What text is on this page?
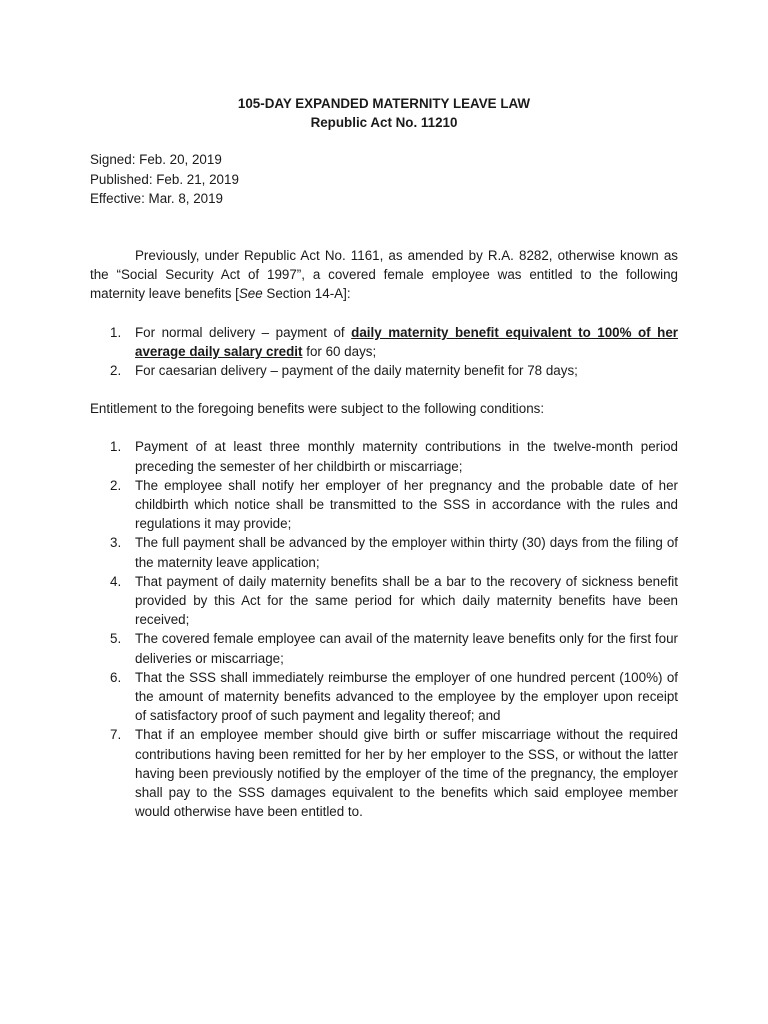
105-DAY EXPANDED MATERNITY LEAVE LAW

Republic Act No. 11210

Signed: Feb. 20, 2019
Published: Feb. 21, 2019
Effective: Mar. 8, 2019

Previously, under Republic Act No. 1161, as amended by R.A. 8282, otherwise known as the “Social Security Act of 1997”, a covered female employee was entitled to the following maternity leave benefits [See Section 14-A]:

1. For normal delivery – payment of daily maternity benefit equivalent to 100% of her average daily salary credit for 60 days;
2. For caesarian delivery – payment of the daily maternity benefit for 78 days;

Entitlement to the foregoing benefits were subject to the following conditions:

1. Payment of at least three monthly maternity contributions in the twelve-month period preceding the semester of her childbirth or miscarriage;
2. The employee shall notify her employer of her pregnancy and the probable date of her childbirth which notice shall be transmitted to the SSS in accordance with the rules and regulations it may provide;
3. The full payment shall be advanced by the employer within thirty (30) days from the filing of the maternity leave application;
4. That payment of daily maternity benefits shall be a bar to the recovery of sickness benefit provided by this Act for the same period for which daily maternity benefits have been received;
5. The covered female employee can avail of the maternity leave benefits only for the first four deliveries or miscarriage;
6. That the SSS shall immediately reimburse the employer of one hundred percent (100%) of the amount of maternity benefits advanced to the employee by the employer upon receipt of satisfactory proof of such payment and legality thereof; and
7. That if an employee member should give birth or suffer miscarriage without the required contributions having been remitted for her by her employer to the SSS, or without the latter having been previously notified by the employer of the time of the pregnancy, the employer shall pay to the SSS damages equivalent to the benefits which said employee member would otherwise have been entitled to.
